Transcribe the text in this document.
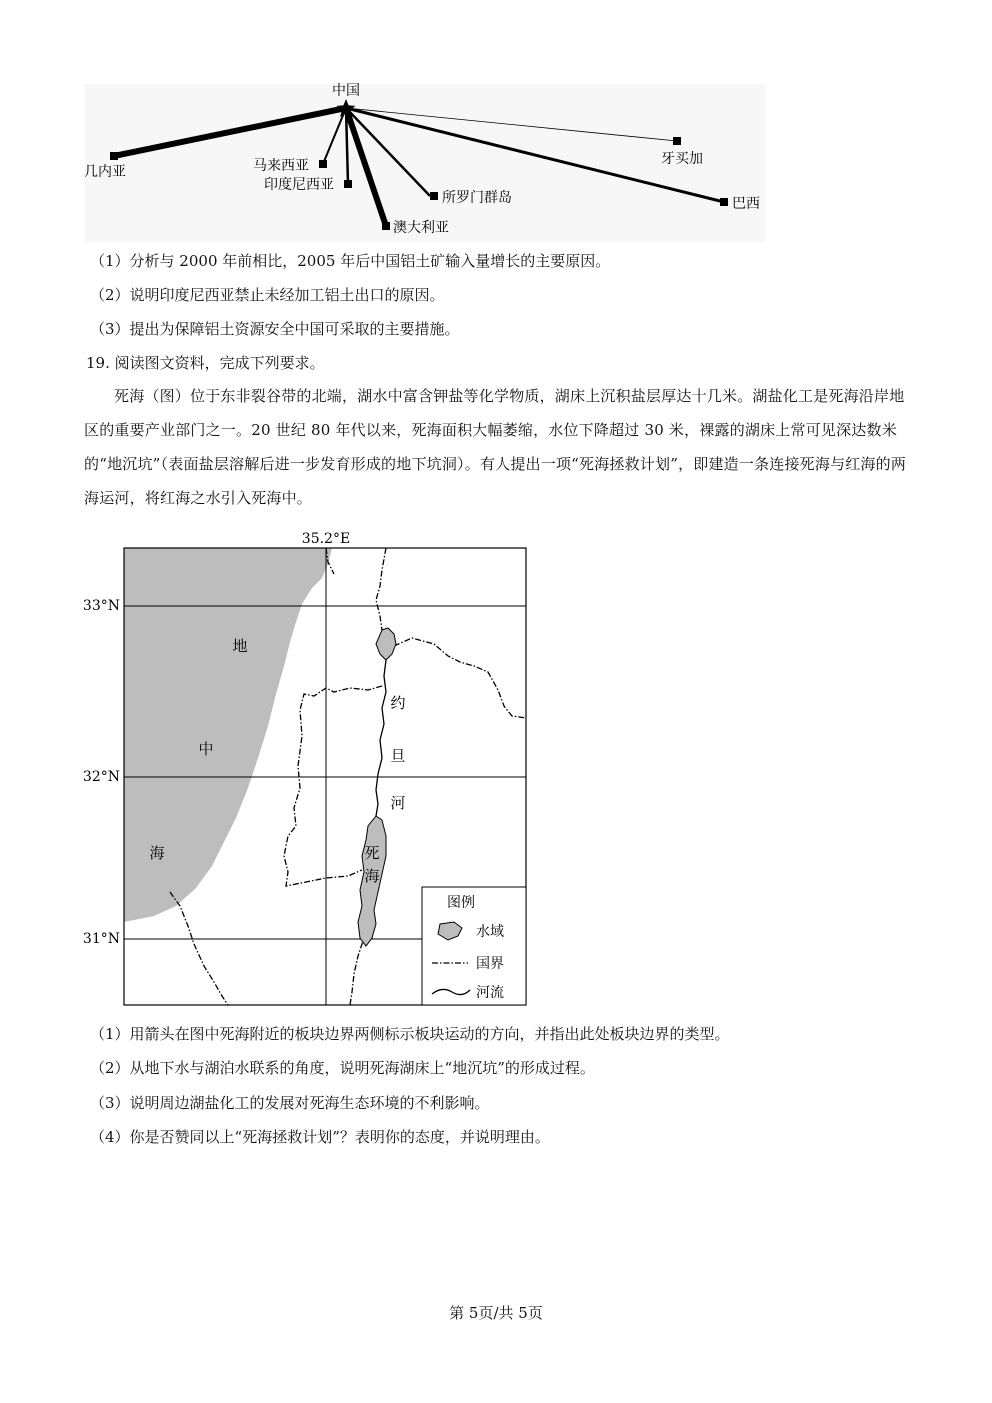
中国
几内亚	马来西亚
印度尼西亚
澳大利亚
所罗门群岛
牙买加
巴西
（1）分析与 2000 年前相比，2005 年后中国铝土矿输入量增长的主要原因。
（2）说明印度尼西亚禁止未经加工铝土出口的原因。
（3）提出为保障铝土资源安全中国可采取的主要措施。
19. 阅读图文资料，完成下列要求。
死海（图）位于东非裂谷带的北端，湖水中富含钾盐等化学物质，湖床上沉积盐层厚达十几米。湖盐化工是死海沿岸地区的重要产业部门之一。20 世纪 80 年代以来，死海面积大幅萎缩，水位下降超过 30 米，裸露的湖床上常可见深达数米的“地沉坑”（表面盐层溶解后进一步发育形成的地下坑洞）。有人提出一项“死海拯救计划”，即建造一条连接死海与红海的两海运河，将红海之水引入死海中。
图例
水域
国界
河流
35.2°E
33°N
32°N
31°N
地
中
海
约
旦
河
死
海
（1）用箭头在图中死海附近的板块边界两侧标示板块运动的方向，并指出此处板块边界的类型。
（2）从地下水与湖泊水联系的角度，说明死海湖床上“地沉坑”的形成过程。
（3）说明周边湖盐化工的发展对死海生态环境的不利影响。
（4）你是否赞同以上“死海拯救计划”？表明你的态度，并说明理由。
第 5页/共 5页
